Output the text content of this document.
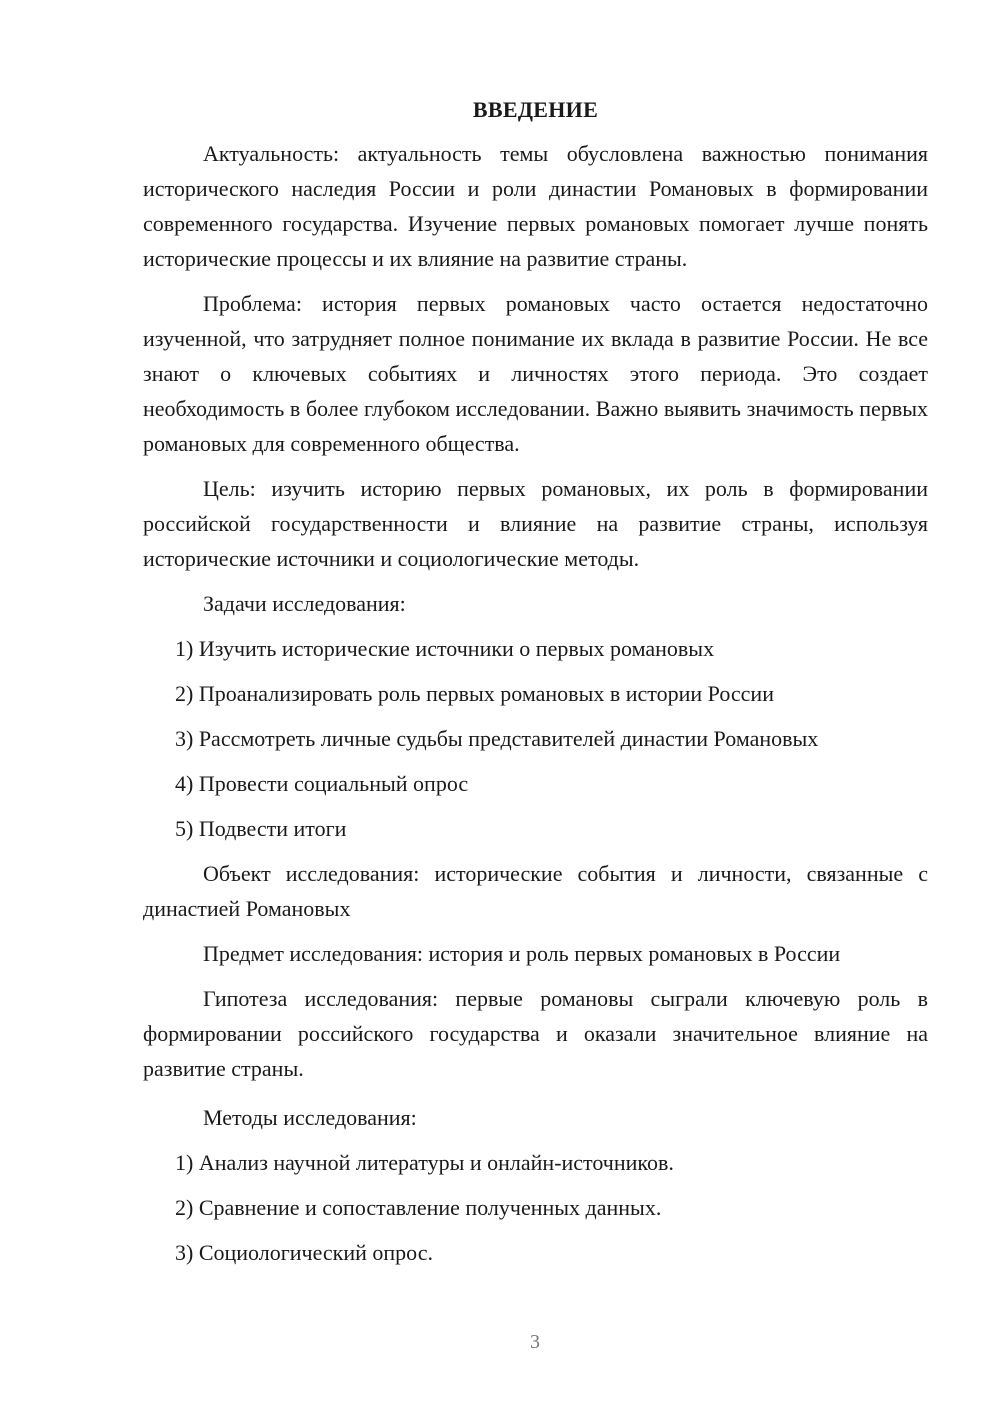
ВВЕДЕНИЕ

Актуальность: актуальность темы обусловлена важностью понимания исторического наследия России и роли династии Романовых в формировании современного государства. Изучение первых романовых помогает лучше понять исторические процессы и их влияние на развитие страны.

Проблема: история первых романовых часто остается недостаточно изученной, что затрудняет полное понимание их вклада в развитие России. Не все знают о ключевых событиях и личностях этого периода. Это создает необходимость в более глубоком исследовании. Важно выявить значимость первых романовых для современного общества.

Цель: изучить историю первых романовых, их роль в формировании российской государственности и влияние на развитие страны, используя исторические источники и социологические методы.

Задачи исследования:

1) Изучить исторические источники о первых романовых

2) Проанализировать роль первых романовых в истории России

3) Рассмотреть личные судьбы представителей династии Романовых

4) Провести социальный опрос

5) Подвести итоги

Объект исследования: исторические события и личности, связанные с династией Романовых

Предмет исследования: история и роль первых романовых в России

Гипотеза исследования: первые романовы сыграли ключевую роль в формировании российского государства и оказали значительное влияние на развитие страны.

Методы исследования:

1) Анализ научной литературы и онлайн-источников.

2) Сравнение и сопоставление полученных данных.

3) Социологический опрос.

3
